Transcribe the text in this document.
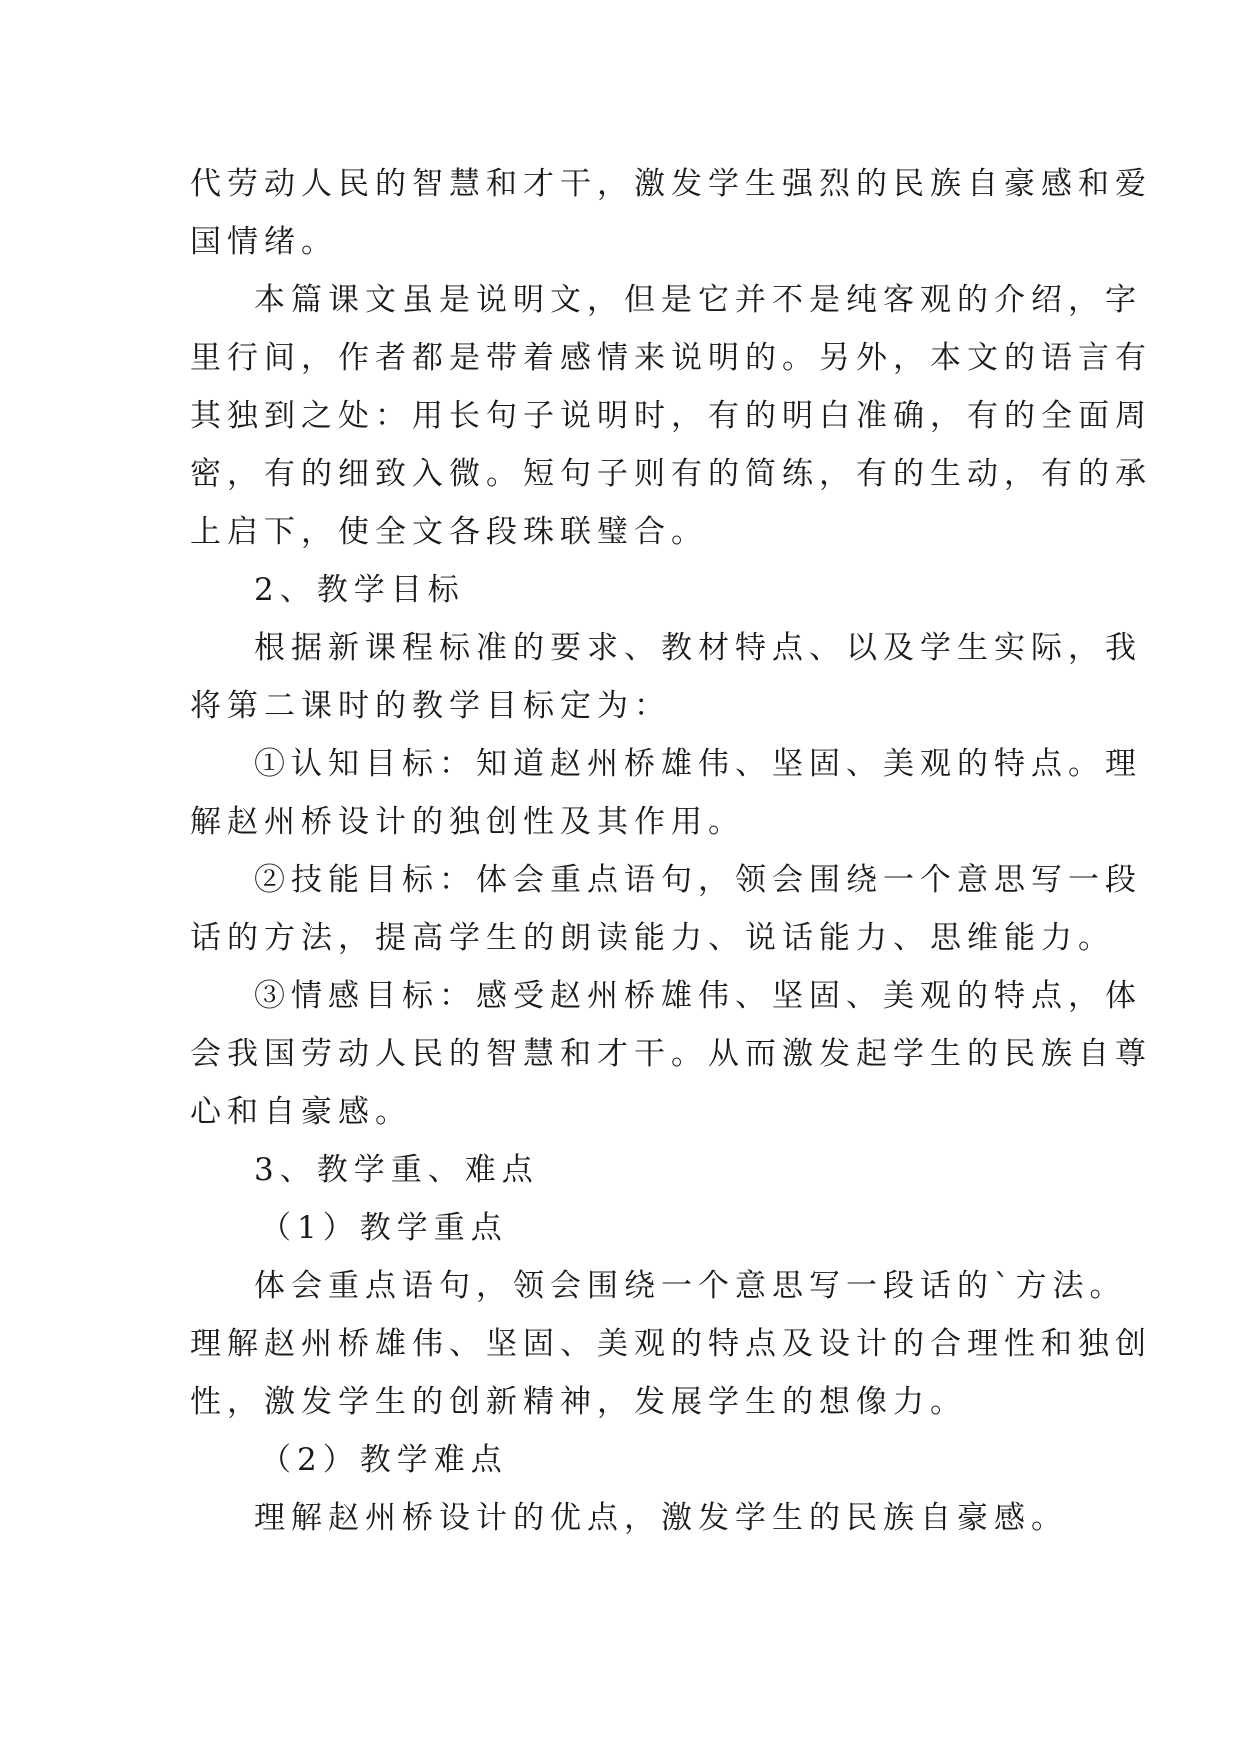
代劳动人民的智慧和才干，激发学生强烈的民族自豪感和爱
国情绪。
本篇课文虽是说明文，但是它并不是纯客观的介绍，字
里行间，作者都是带着感情来说明的。另外，本文的语言有
其独到之处：用长句子说明时，有的明白准确，有的全面周
密，有的细致入微。短句子则有的简练，有的生动，有的承
上启下，使全文各段珠联璧合。
2、教学目标
根据新课程标准的要求、教材特点、以及学生实际，我
将第二课时的教学目标定为：
①认知目标：知道赵州桥雄伟、坚固、美观的特点。理
解赵州桥设计的独创性及其作用。
②技能目标：体会重点语句，领会围绕一个意思写一段
话的方法，提高学生的朗读能力、说话能力、思维能力。
③情感目标：感受赵州桥雄伟、坚固、美观的特点，体
会我国劳动人民的智慧和才干。从而激发起学生的民族自尊
心和自豪感。
3、教学重、难点
（1）教学重点
体会重点语句，领会围绕一个意思写一段话的`方法。
理解赵州桥雄伟、坚固、美观的特点及设计的合理性和独创
性，激发学生的创新精神，发展学生的想像力。
（2）教学难点
理解赵州桥设计的优点，激发学生的民族自豪感。
